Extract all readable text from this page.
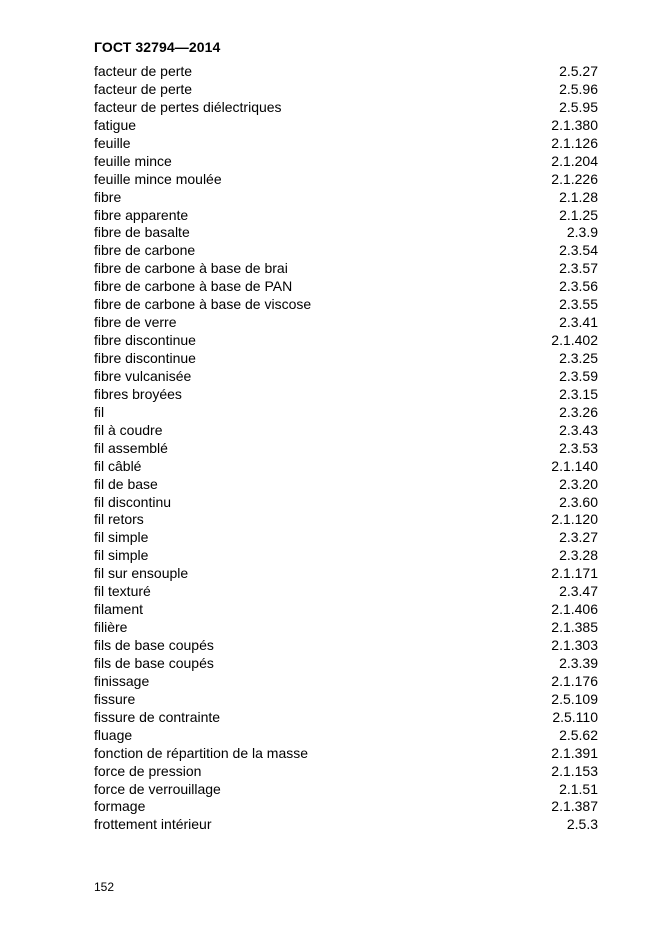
ГОСТ 32794—2014
facteur de perte	2.5.27
facteur de perte	2.5.96
facteur de pertes diélectriques	2.5.95
fatigue	2.1.380
feuille	2.1.126
feuille mince	2.1.204
feuille mince moulée	2.1.226
fibre	2.1.28
fibre apparente	2.1.25
fibre de basalte	2.3.9
fibre de carbone	2.3.54
fibre de carbone à base de brai	2.3.57
fibre de carbone à base de PAN	2.3.56
fibre de carbone à base de viscose	2.3.55
fibre de verre	2.3.41
fibre discontinue	2.1.402
fibre discontinue	2.3.25
fibre vulcanisée	2.3.59
fibres broyées	2.3.15
fil	2.3.26
fil à coudre	2.3.43
fil assemblé	2.3.53
fil câblé	2.1.140
fil de base	2.3.20
fil discontinu	2.3.60
fil retors	2.1.120
fil simple	2.3.27
fil simple	2.3.28
fil sur ensouple	2.1.171
fil texturé	2.3.47
filament	2.1.406
filière	2.1.385
fils de base coupés	2.1.303
fils de base coupés	2.3.39
finissage	2.1.176
fissure	2.5.109
fissure de contrainte	2.5.110
fluage	2.5.62
fonction de répartition de la masse	2.1.391
force de pression	2.1.153
force de verrouillage	2.1.51
formage	2.1.387
frottement intérieur	2.5.3
152
